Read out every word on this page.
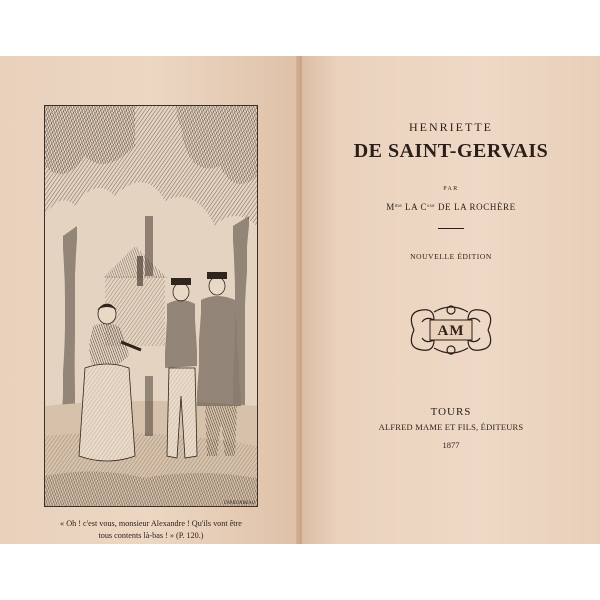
CARBONNEAU
« Oh ! c'est vous, monsieur Alexandre ! Qu'ils vont être
tous contents là-bas ! » (P. 120.)
HENRIETTE
DE SAINT-GERVAIS
PAR
$M^{me}$ LA $C^{sse}$ DE LA ROCHÈRE
NOUVELLE ÉDITION
AM
TOURS
ALFRED MAME ET FILS, ÉDITEURS
1877
